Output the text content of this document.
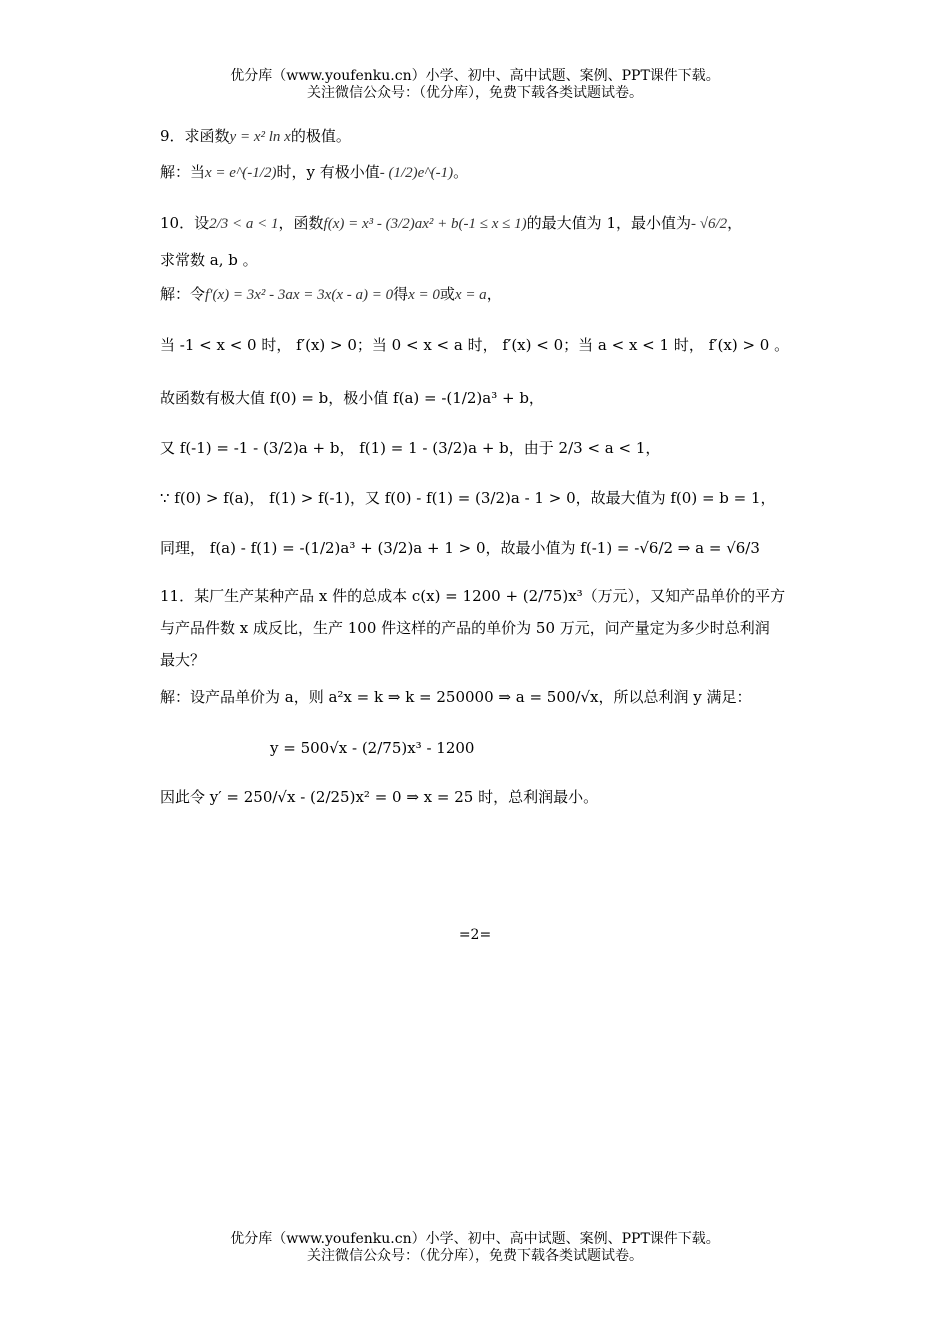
优分库（www.youfenku.cn）小学、初中、高中试题、案例、PPT课件下载。
关注微信公众号：（优分库），免费下载各类试题试卷。
9．求函数y = x² ln x的极值。
解：当x = e^(-1/2)时，y 有极小值- (1/2)e^(-1)。
10．设2/3 < a < 1，函数f(x) = x³ - (3/2)ax² + b(-1 ≤ x ≤ 1)的最大值为 1，最小值为- √6/2，
求常数 a, b 。
解：令f′(x) = 3x² - 3ax = 3x(x - a) = 0得x = 0或x = a，
当 -1 < x < 0 时， f′(x) > 0；当 0 < x < a 时， f′(x) < 0；当 a < x < 1 时， f′(x) > 0 。
故函数有极大值 f(0) = b，极小值 f(a) = -(1/2)a³ + b，
又 f(-1) = -1 - (3/2)a + b， f(1) = 1 - (3/2)a + b，由于 2/3 < a < 1，
∵ f(0) > f(a)， f(1) > f(-1)，又 f(0) - f(1) = (3/2)a - 1 > 0，故最大值为 f(0) = b = 1，
同理， f(a) - f(1) = -(1/2)a³ + (3/2)a + 1 > 0，故最小值为 f(-1) = -√6/2 ⇒ a = √6/3
11．某厂生产某种产品 x 件的总成本 c(x) = 1200 + (2/75)x³（万元），又知产品单价的平方
与产品件数 x 成反比，生产 100 件这样的产品的单价为 50 万元，问产量定为多少时总利润
最大？
解：设产品单价为 a，则 a²x = k ⇒ k = 250000 ⇒ a = 500/√x，所以总利润 y 满足：
y = 500√x - (2/75)x³ - 1200
因此令 y′ = 250/√x - (2/25)x² = 0 ⇒ x = 25 时，总利润最小。
=2=
优分库（www.youfenku.cn）小学、初中、高中试题、案例、PPT课件下载。
关注微信公众号：（优分库），免费下载各类试题试卷。
